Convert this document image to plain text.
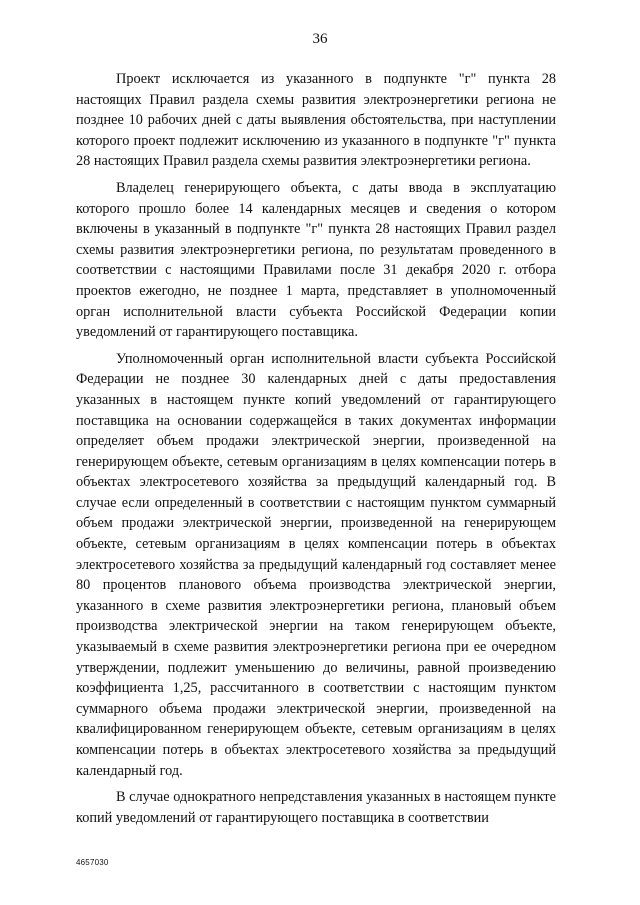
36

Проект исключается из указанного в подпункте "г" пункта 28 настоящих Правил раздела схемы развития электроэнергетики региона не позднее 10 рабочих дней с даты выявления обстоятельства, при наступлении которого проект подлежит исключению из указанного в подпункте "г" пункта 28 настоящих Правил раздела схемы развития электроэнергетики региона.

Владелец генерирующего объекта, с даты ввода в эксплуатацию которого прошло более 14 календарных месяцев и сведения о котором включены в указанный в подпункте "г" пункта 28 настоящих Правил раздел схемы развития электроэнергетики региона, по результатам проведенного в соответствии с настоящими Правилами после 31 декабря 2020 г. отбора проектов ежегодно, не позднее 1 марта, представляет в уполномоченный орган исполнительной власти субъекта Российской Федерации копии уведомлений от гарантирующего поставщика.

Уполномоченный орган исполнительной власти субъекта Российской Федерации не позднее 30 календарных дней с даты предоставления указанных в настоящем пункте копий уведомлений от гарантирующего поставщика на основании содержащейся в таких документах информации определяет объем продажи электрической энергии, произведенной на генерирующем объекте, сетевым организациям в целях компенсации потерь в объектах электросетевого хозяйства за предыдущий календарный год. В случае если определенный в соответствии с настоящим пунктом суммарный объем продажи электрической энергии, произведенной на генерирующем объекте, сетевым организациям в целях компенсации потерь в объектах электросетевого хозяйства за предыдущий календарный год составляет менее 80 процентов планового объема производства электрической энергии, указанного в схеме развития электроэнергетики региона, плановый объем производства электрической энергии на таком генерирующем объекте, указываемый в схеме развития электроэнергетики региона при ее очередном утверждении, подлежит уменьшению до величины, равной произведению коэффициента 1,25, рассчитанного в соответствии с настоящим пунктом суммарного объема продажи электрической энергии, произведенной на квалифицированном генерирующем объекте, сетевым организациям в целях компенсации потерь в объектах электросетевого хозяйства за предыдущий календарный год.

В случае однократного непредставления указанных в настоящем пункте копий уведомлений от гарантирующего поставщика в соответствии

4657030
